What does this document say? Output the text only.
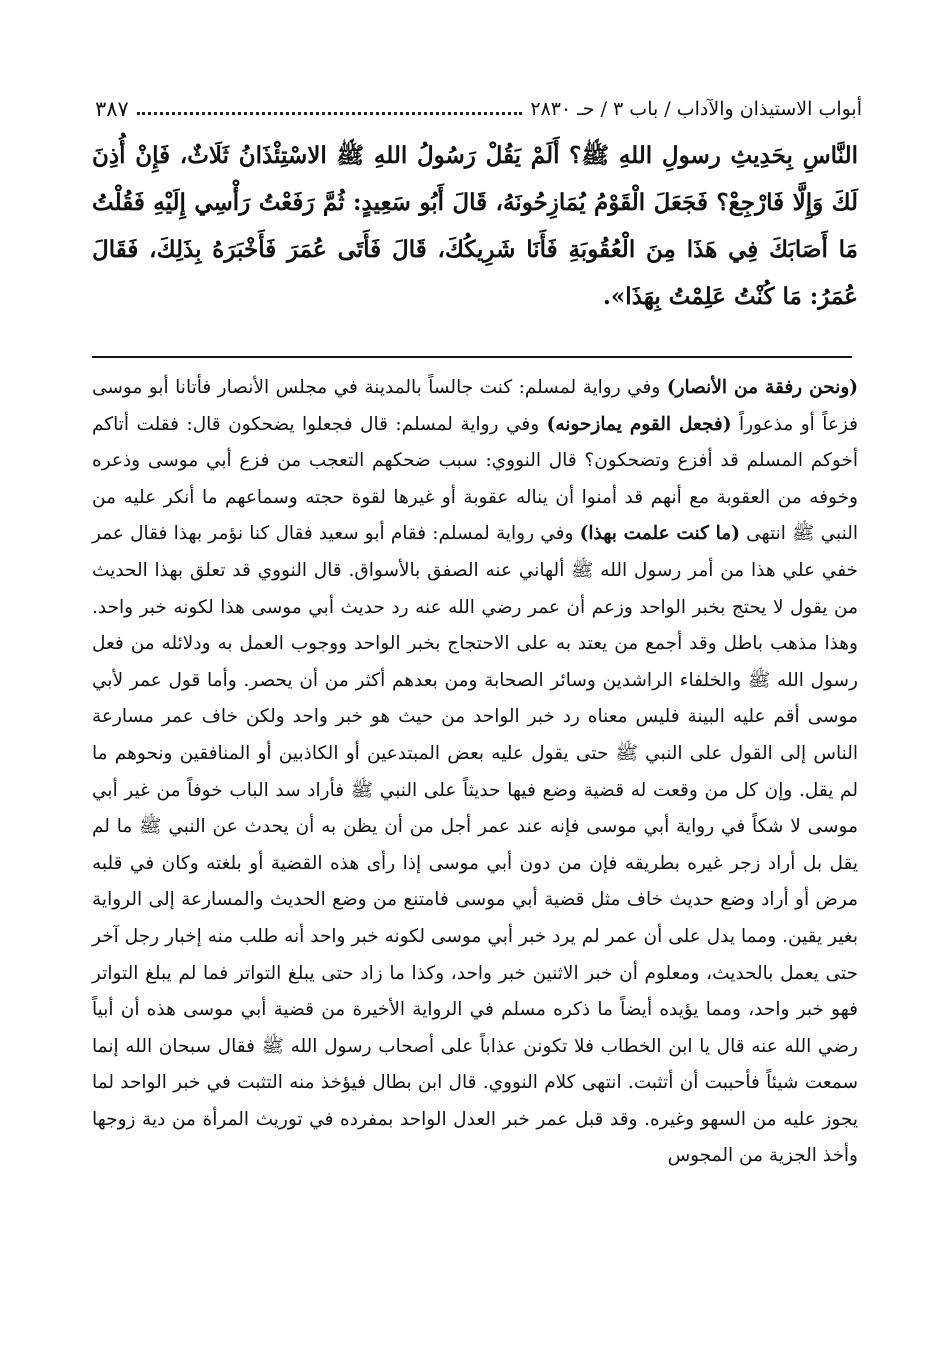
أبواب الاستيذان والآداب / باب ٣ / حـ ٢٨٣٠
٣٨٧

النَّاسِ بِحَدِيثِ رسولِ اللهِ ﷺ؟ أَلَمْ يَقُلْ رَسُولُ اللهِ ﷺ الاسْتِئْذَانُ ثَلَاثٌ، فَإِنْ أُذِنَ لَكَ وَإِلَّا فَارْجِعْ؟ فَجَعَلَ الْقَوْمُ يُمَازِحُونَهُ، قَالَ أَبُو سَعِيدٍ: ثُمَّ رَفَعْتُ رَأْسِي إِلَيْهِ فَقُلْتُ مَا أَصَابَكَ فِي هَذَا مِنَ الْعُقُوبَةِ فَأَنَا شَرِيكُكَ، قَالَ فَأَتَى عُمَرَ فَأَخْبَرَهُ بِذَلِكَ، فَقَالَ عُمَرُ: مَا كُنْتُ عَلِمْتُ بِهَذَا».

(ونحن رفقة من الأنصار) وفي رواية لمسلم: كنت جالساً بالمدينة في مجلس الأنصار فأتانا أبو موسى فزعاً أو مذعوراً (فجعل القوم يمازحونه) وفي رواية لمسلم: قال فجعلوا يضحكون قال: فقلت أتاكم أخوكم المسلم قد أفزع وتضحكون؟ قال النووي: سبب ضحكهم التعجب من فزع أبي موسى وذعره وخوفه من العقوبة مع أنهم قد أمنوا أن يناله عقوبة أو غيرها لقوة حجته وسماعهم ما أنكر عليه من النبي ﷺ انتهى (ما كنت علمت بهذا) وفي رواية لمسلم: فقام أبو سعيد فقال كنا نؤمر بهذا فقال عمر خفي علي هذا من أمر رسول الله ﷺ ألهاني عنه الصفق بالأسواق. قال النووي قد تعلق بهذا الحديث من يقول لا يحتج بخبر الواحد وزعم أن عمر رضي الله عنه رد حديث أبي موسى هذا لكونه خبر واحد. وهذا مذهب باطل وقد أجمع من يعتد به على الاحتجاج بخبر الواحد ووجوب العمل به ودلائله من فعل رسول الله ﷺ والخلفاء الراشدين وسائر الصحابة ومن بعدهم أكثر من أن يحصر. وأما قول عمر لأبي موسى أقم عليه البينة فليس معناه رد خبر الواحد من حيث هو خبر واحد ولكن خاف عمر مسارعة الناس إلى القول على النبي ﷺ حتى يقول عليه بعض المبتدعين أو الكاذبين أو المنافقين ونحوهم ما لم يقل. وإن كل من وقعت له قضية وضع فيها حديثاً على النبي ﷺ فأراد سد الباب خوفاً من غير أبي موسى لا شكاً في رواية أبي موسى فإنه عند عمر أجل من أن يظن به أن يحدث عن النبي ﷺ ما لم يقل بل أراد زجر غيره بطريقه فإن من دون أبي موسى إذا رأى هذه القضية أو بلغته وكان في قلبه مرض أو أراد وضع حديث خاف مثل قضية أبي موسى فامتنع من وضع الحديث والمسارعة إلى الرواية بغير يقين. ومما يدل على أن عمر لم يرد خبر أبي موسى لكونه خبر واحد أنه طلب منه إخبار رجل آخر حتى يعمل بالحديث، ومعلوم أن خبر الاثنين خبر واحد، وكذا ما زاد حتى يبلغ التواتر فما لم يبلغ التواتر فهو خبر واحد، ومما يؤيده أيضاً ما ذكره مسلم في الرواية الأخيرة من قضية أبي موسى هذه أن أبياً رضي الله عنه قال يا ابن الخطاب فلا تكونن عذاباً على أصحاب رسول الله ﷺ فقال سبحان الله إنما سمعت شيئاً فأحببت أن أتثبت. انتهى كلام النووي. قال ابن بطال فيؤخذ منه التثبت في خبر الواحد لما يجوز عليه من السهو وغيره. وقد قبل عمر خبر العدل الواحد بمفرده في توريث المرأة من دية زوجها وأخذ الجزية من المجوس
